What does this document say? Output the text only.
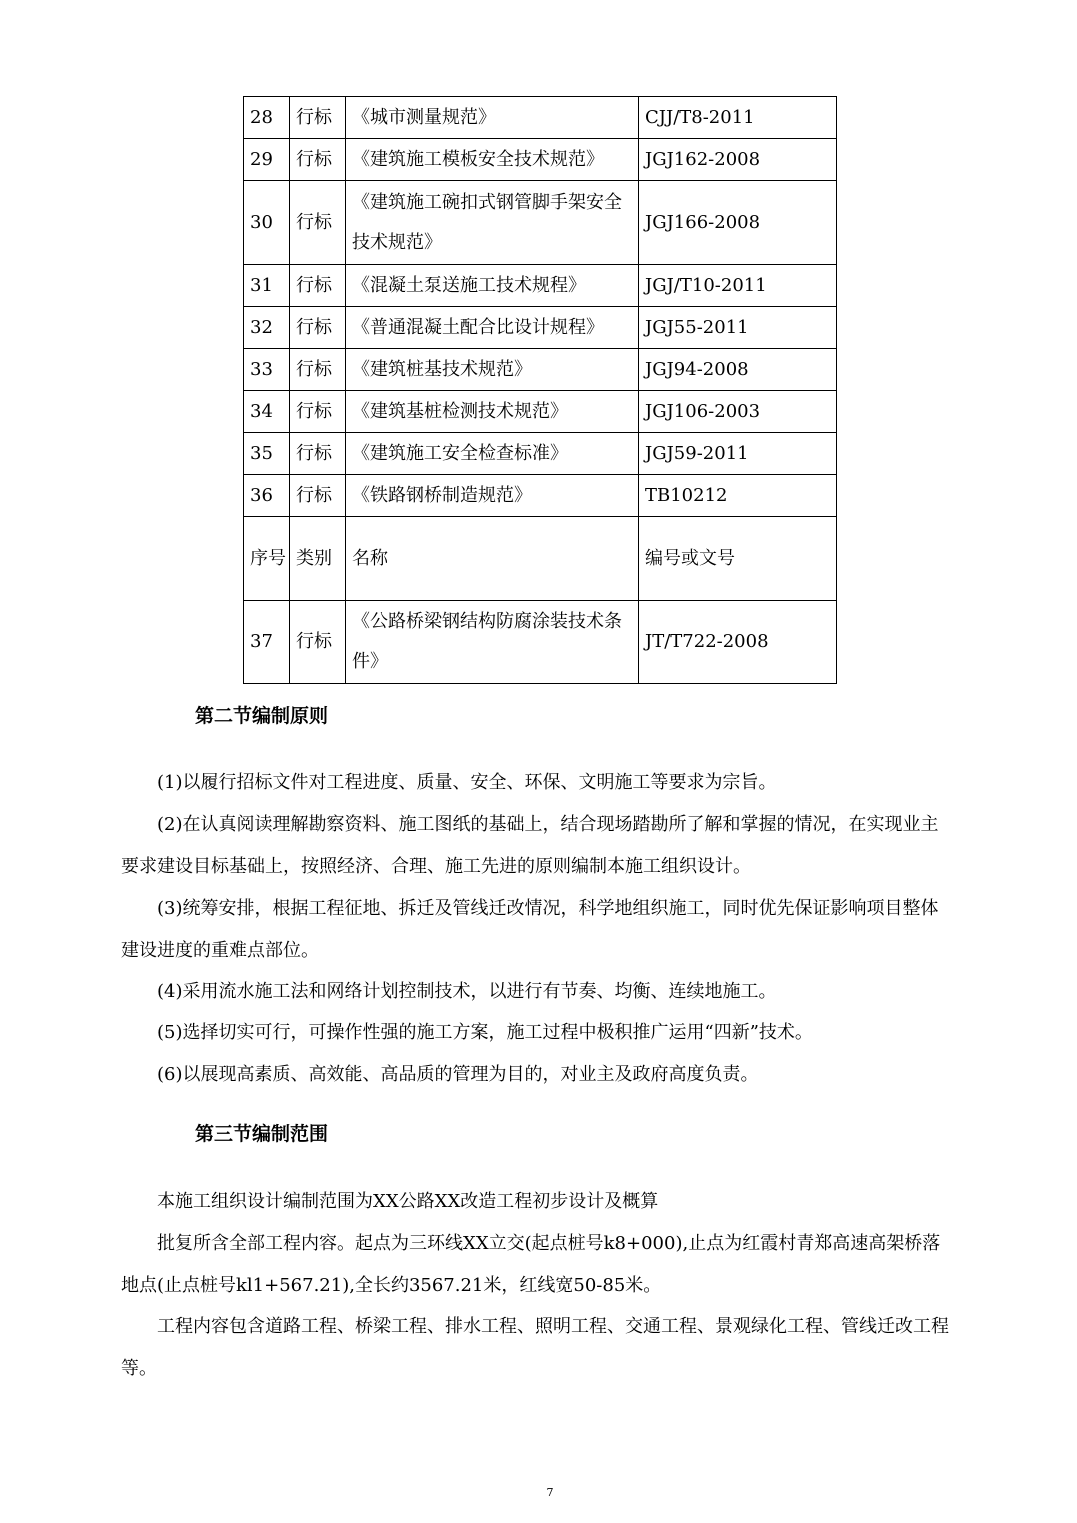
28	行标	《城市测量规范》	CJJ/T8-2011
29	行标	《建筑施工模板安全技术规范》	JGJ162-2008
30	行标	《建筑施工碗扣式钢管脚手架安全技术规范》	JGJ166-2008
31	行标	《混凝土泵送施工技术规程》	JGJ/T10-2011
32	行标	《普通混凝土配合比设计规程》	JGJ55-2011
33	行标	《建筑桩基技术规范》	JGJ94-2008
34	行标	《建筑基桩检测技术规范》	JGJ106-2003
35	行标	《建筑施工安全检查标准》	JGJ59-2011
36	行标	《铁路钢桥制造规范》	TB10212
序号	类别	名称	编号或文号
37	行标	《公路桥梁钢结构防腐涂装技术条件》	JT/T722-2008
第二节编制原则

(1)以履行招标文件对工程进度、质量、安全、环保、文明施工等要求为宗旨。

(2)在认真阅读理解勘察资料、施工图纸的基础上，结合现场踏勘所了解和掌握的情况，在实现业主要求建设目标基础上，按照经济、合理、施工先进的原则编制本施工组织设计。

(3)统筹安排，根据工程征地、拆迁及管线迁改情况，科学地组织施工，同时优先保证影响项目整体建设进度的重难点部位。

(4)采用流水施工法和网络计划控制技术，以进行有节奏、均衡、连续地施工。

(5)选择切实可行，可操作性强的施工方案，施工过程中极积推广运用“四新”技术。

(6)以展现高素质、高效能、高品质的管理为目的，对业主及政府高度负责。

第三节编制范围

本施工组织设计编制范围为XX公路XX改造工程初步设计及概算

批复所含全部工程内容。起点为三环线XX立交(起点桩号k8+000),止点为红霞村青郑高速高架桥落地点(止点桩号kl1+567.21),全长约3567.21米，红线宽50-85米。

工程内容包含道路工程、桥梁工程、排水工程、照明工程、交通工程、景观绿化工程、管线迁改工程等。

7
